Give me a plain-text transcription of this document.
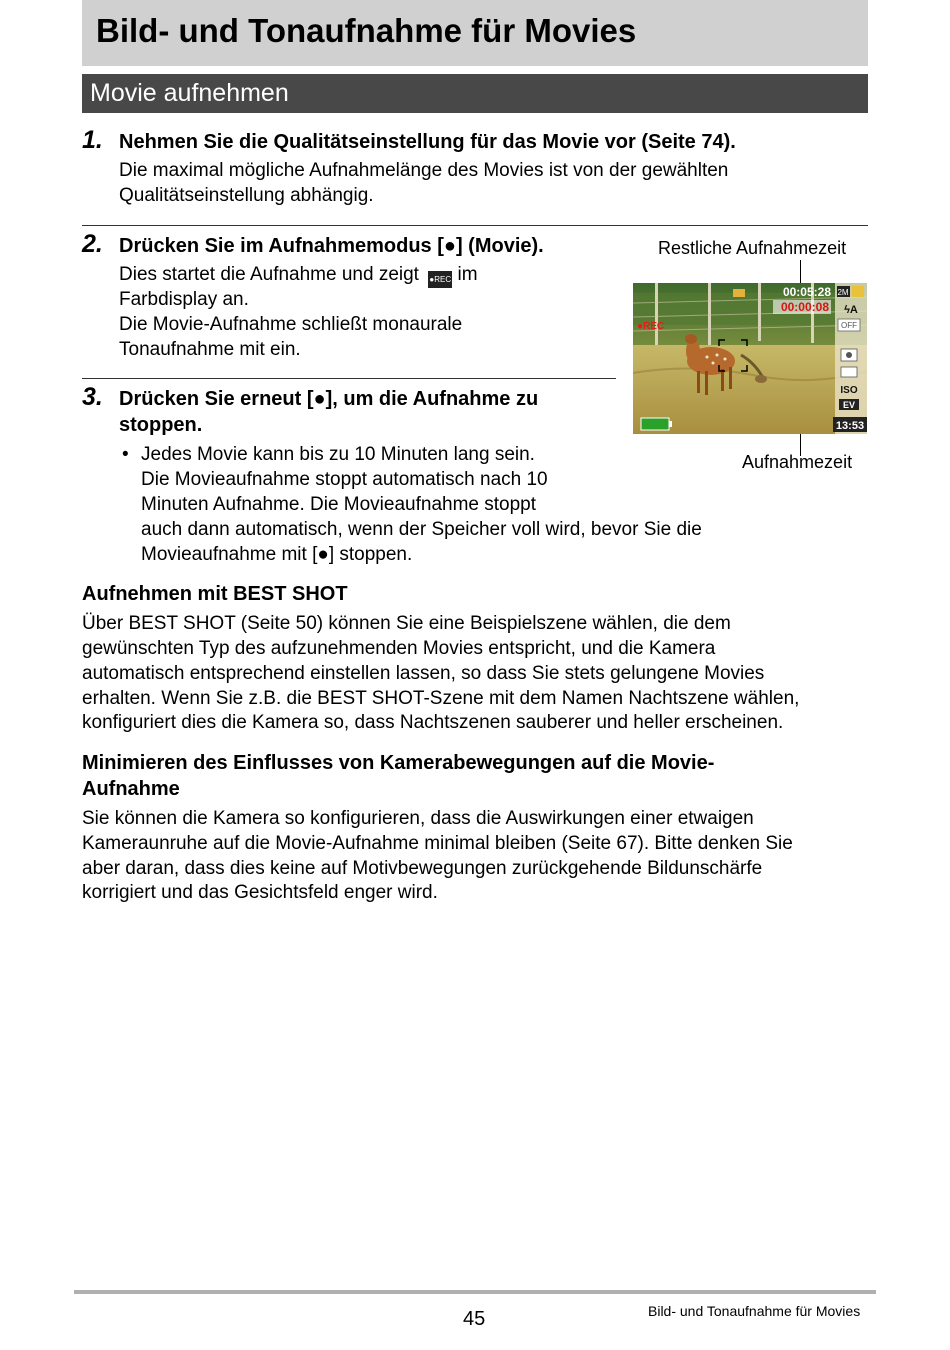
Bild- und Tonaufnahme für Movies
Movie aufnehmen
1. Nehmen Sie die Qualitätseinstellung für das Movie vor (Seite 74).
Die maximal mögliche Aufnahmelänge des Movies ist von der gewählten
Qualitätseinstellung abhängig.
2. Drücken Sie im Aufnahmemodus [●] (Movie).
Dies startet die Aufnahme und zeigt ●REC im
Farbdisplay an.
Die Movie-Aufnahme schließt monaurale
Tonaufnahme mit ein.
3. Drücken Sie erneut [●], um die Aufnahme zu
stoppen.
• Jedes Movie kann bis zu 10 Minuten lang sein.
Die Movieaufnahme stoppt automatisch nach 10
Minuten Aufnahme. Die Movieaufnahme stoppt
auch dann automatisch, wenn der Speicher voll wird, bevor Sie die
Movieaufnahme mit [●] stoppen.
Restliche Aufnahmezeit
2M
ϟA
OFF
ISO
EV
13:53
00:05:28
00:00:08
●REC
Aufnahmezeit
Aufnehmen mit BEST SHOT
Über BEST SHOT (Seite 50) können Sie eine Beispielszene wählen, die dem
gewünschten Typ des aufzunehmenden Movies entspricht, und die Kamera
automatisch entsprechend einstellen lassen, so dass Sie stets gelungene Movies
erhalten. Wenn Sie z.B. die BEST SHOT-Szene mit dem Namen Nachtszene wählen,
konfiguriert dies die Kamera so, dass Nachtszenen sauberer und heller erscheinen.
Minimieren des Einflusses von Kamerabewegungen auf die Movie-
Aufnahme
Sie können die Kamera so konfigurieren, dass die Auswirkungen einer etwaigen
Kameraunruhe auf die Movie-Aufnahme minimal bleiben (Seite 67). Bitte denken Sie
aber daran, dass dies keine auf Motivbewegungen zurückgehende Bildunschärfe
korrigiert und das Gesichtsfeld enger wird.
45	Bild- und Tonaufnahme für Movies
